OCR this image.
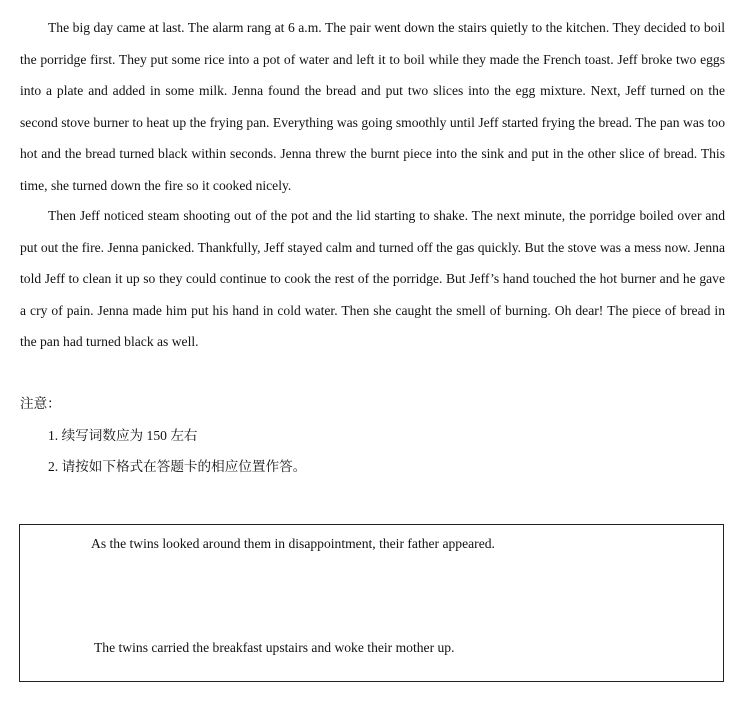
The big day came at last. The alarm rang at 6 a.m. The pair went down the stairs quietly to the kitchen. They decided to boil the porridge first. They put some rice into a pot of water and left it to boil while they made the French toast. Jeff broke two eggs into a plate and added in some milk. Jenna found the bread and put two slices into the egg mixture. Next, Jeff turned on the second stove burner to heat up the frying pan. Everything was going smoothly until Jeff started frying the bread. The pan was too hot and the bread turned black within seconds. Jenna threw the burnt piece into the sink and put in the other slice of bread. This time, she turned down the fire so it cooked nicely.

Then Jeff noticed steam shooting out of the pot and the lid starting to shake. The next minute, the porridge boiled over and put out the fire. Jenna panicked. Thankfully, Jeff stayed calm and turned off the gas quickly. But the stove was a mess now. Jenna told Jeff to clean it up so they could continue to cook the rest of the porridge. But Jeff’s hand touched the hot burner and he gave a cry of pain. Jenna made him put his hand in cold water. Then she caught the smell of burning. Oh dear! The piece of bread in the pan had turned black as well.

注意：
1. 续写词数应为 150 左右
2. 请按如下格式在答题卡的相应位置作答。
As the twins looked around them in disappointment, their father appeared.
The twins carried the breakfast upstairs and woke their mother up.
